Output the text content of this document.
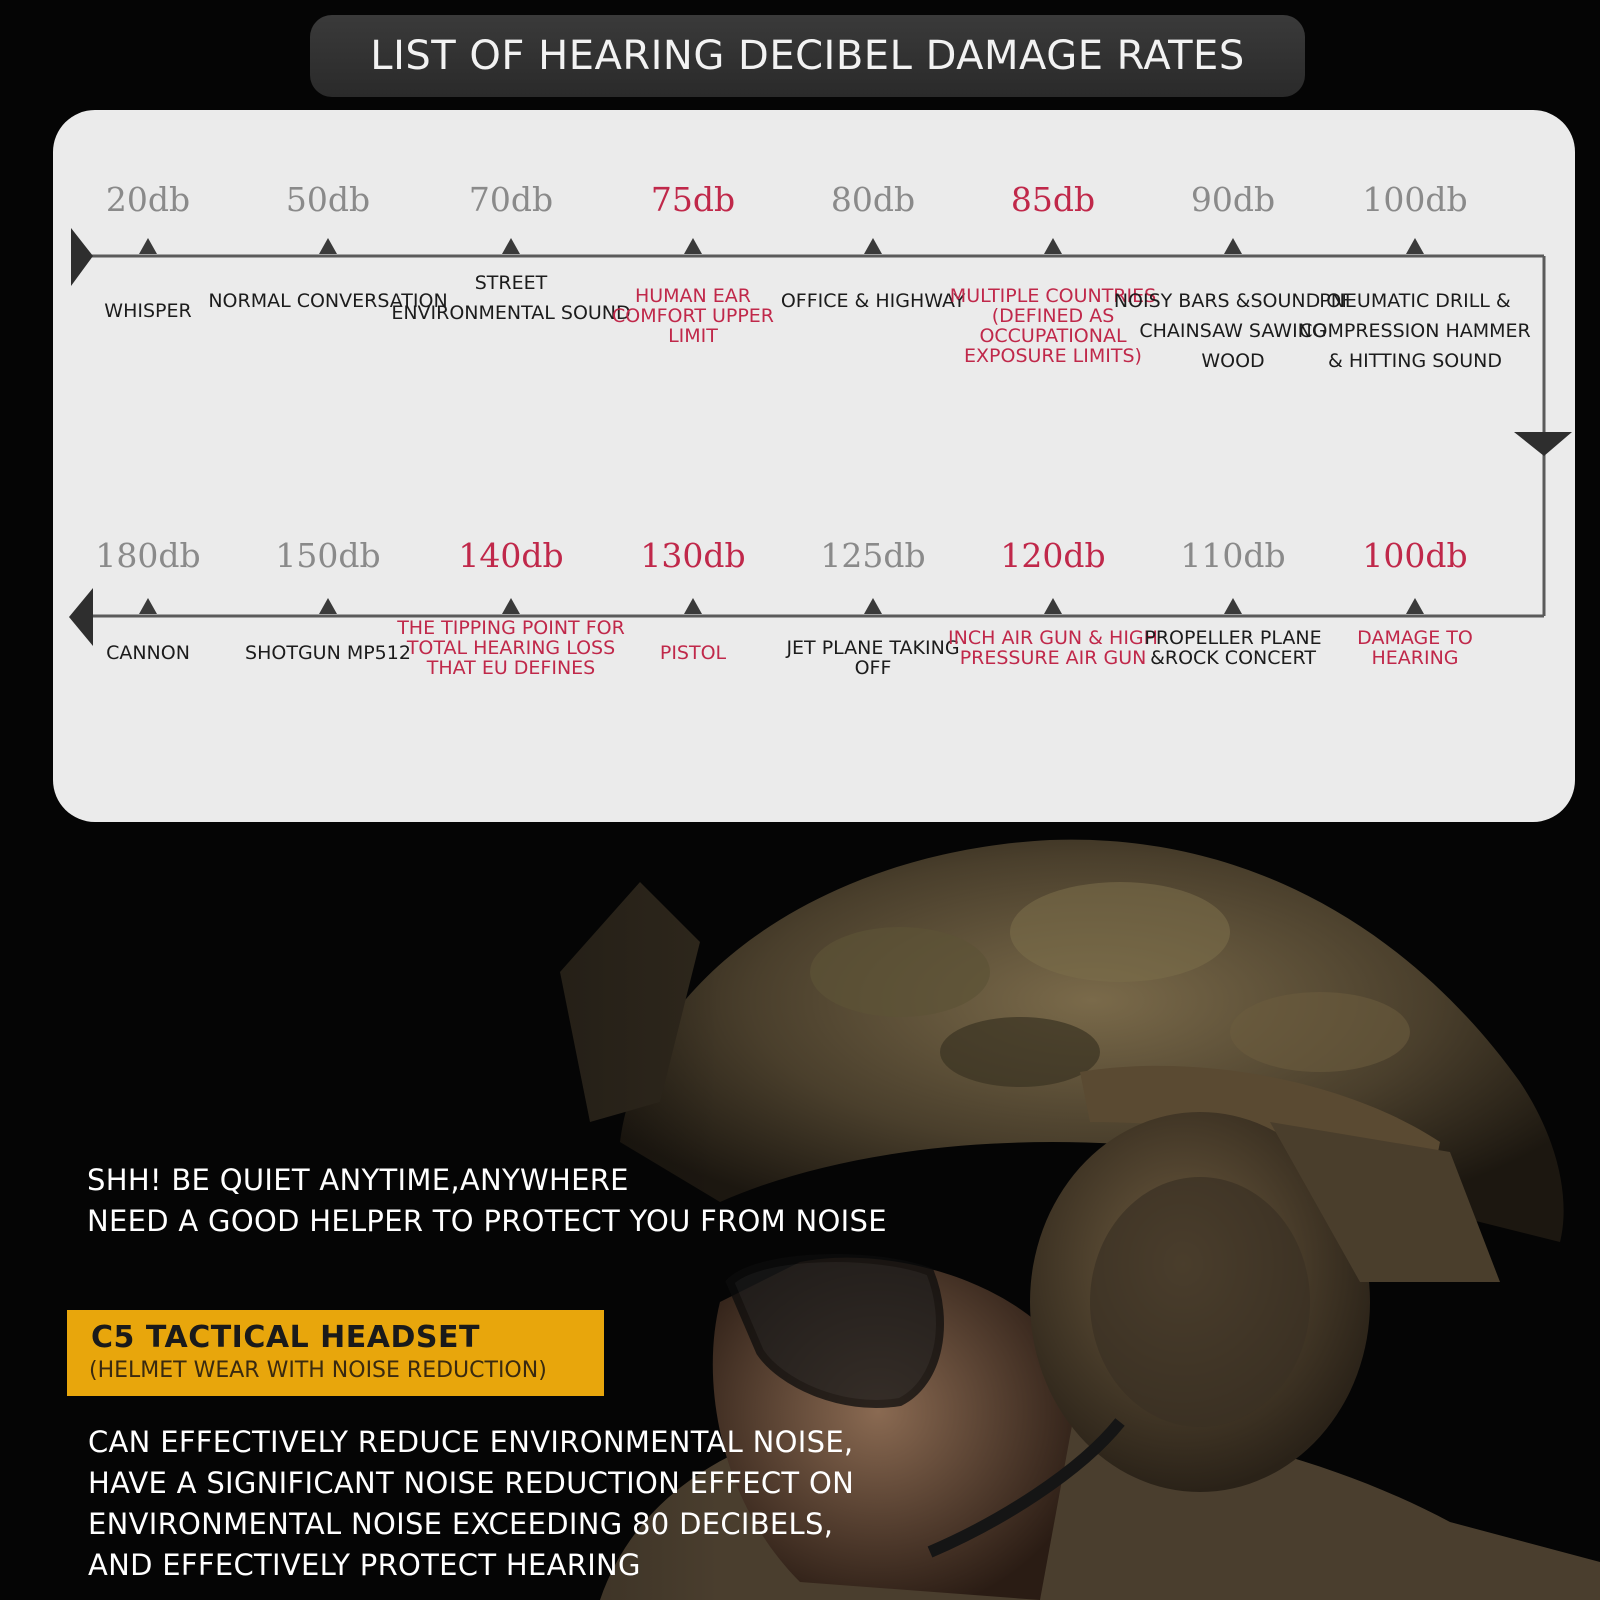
LIST OF HEARING DECIBEL DAMAGE RATES
20db
WHISPER
50db
NORMAL CONVERSATION
70db
STREET ENVIRONMENTAL SOUND
75db
HUMAN EAR COMFORT UPPER LIMIT
80db
OFFICE & HIGHWAY
85db
MULTIPLE COUNTRIES (DEFINED AS OCCUPATIONAL EXPOSURE LIMITS)
90db
NOISY BARS &SOUND OF CHAINSAW SAWING WOOD
100db
PNEUMATIC DRILL & COMPRESSION HAMMER & HITTING SOUND
180db
CANNON
150db
SHOTGUN MP512
140db
THE TIPPING POINT FOR TOTAL HEARING LOSS THAT EU DEFINES
130db
PISTOL
125db
JET PLANE TAKING OFF
120db
INCH AIR GUN & HIGH PRESSURE AIR GUN
110db
PROPELLER PLANE &ROCK CONCERT
100db
DAMAGE TO HEARING
SHH! BE QUIET ANYTIME,ANYWHERE
NEED A GOOD HELPER TO PROTECT YOU FROM NOISE
C5 TACTICAL HEADSET
(HELMET WEAR WITH NOISE REDUCTION)
CAN EFFECTIVELY REDUCE ENVIRONMENTAL NOISE,
HAVE A SIGNIFICANT NOISE REDUCTION EFFECT ON
ENVIRONMENTAL NOISE EXCEEDING 80 DECIBELS,
AND EFFECTIVELY PROTECT HEARING
